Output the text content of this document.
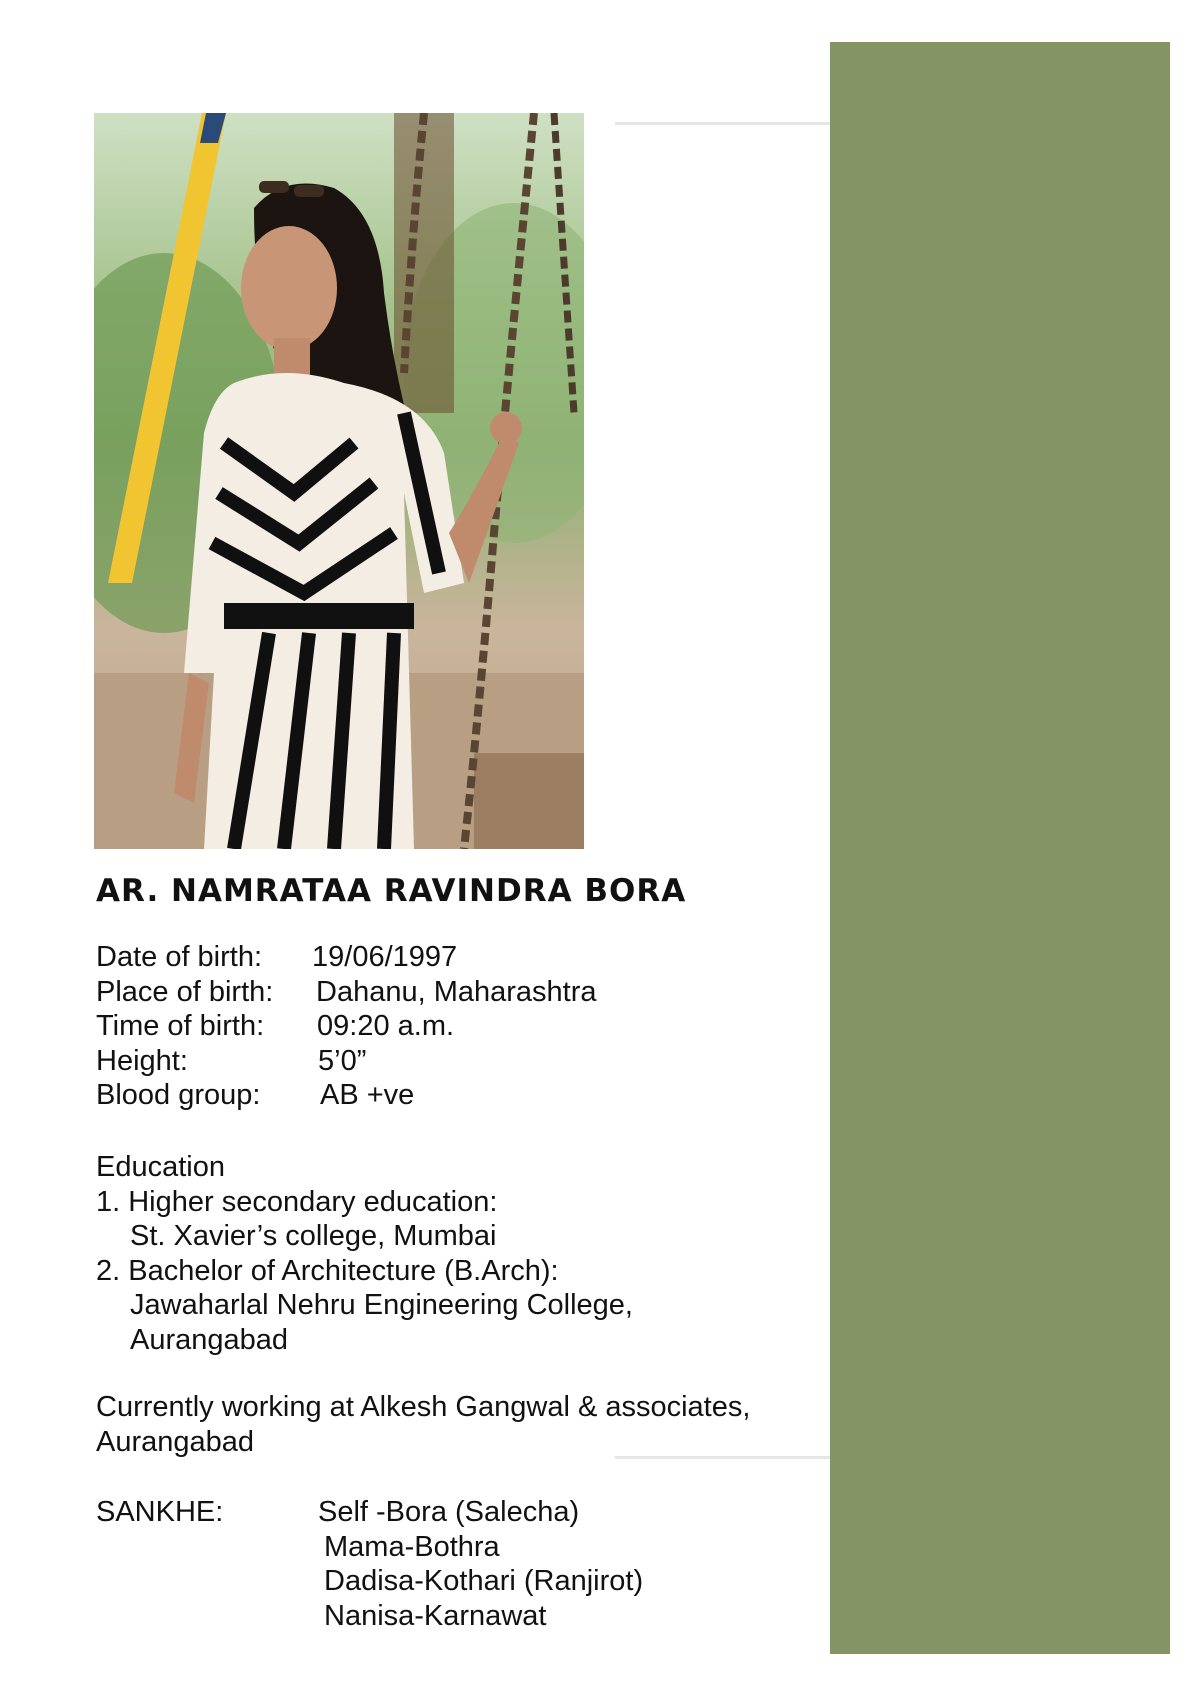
AR. NAMRATAA RAVINDRA BORA
Date of birth:	19/06/1997
Place of birth:	Dahanu, Maharashtra
Time of birth:	09:20 a.m.
Height:	5’0”
Blood group:	AB +ve
Education
1. Higher secondary education:
St. Xavier’s college, Mumbai
2. Bachelor of Architecture (B.Arch):
Jawaharlal Nehru Engineering College,
Aurangabad
Currently working at Alkesh Gangwal & associates,
Aurangabad
SANKHE:	Self -Bora (Salecha)
Mama-Bothra
Dadisa-Kothari (Ranjirot)
Nanisa-Karnawat
